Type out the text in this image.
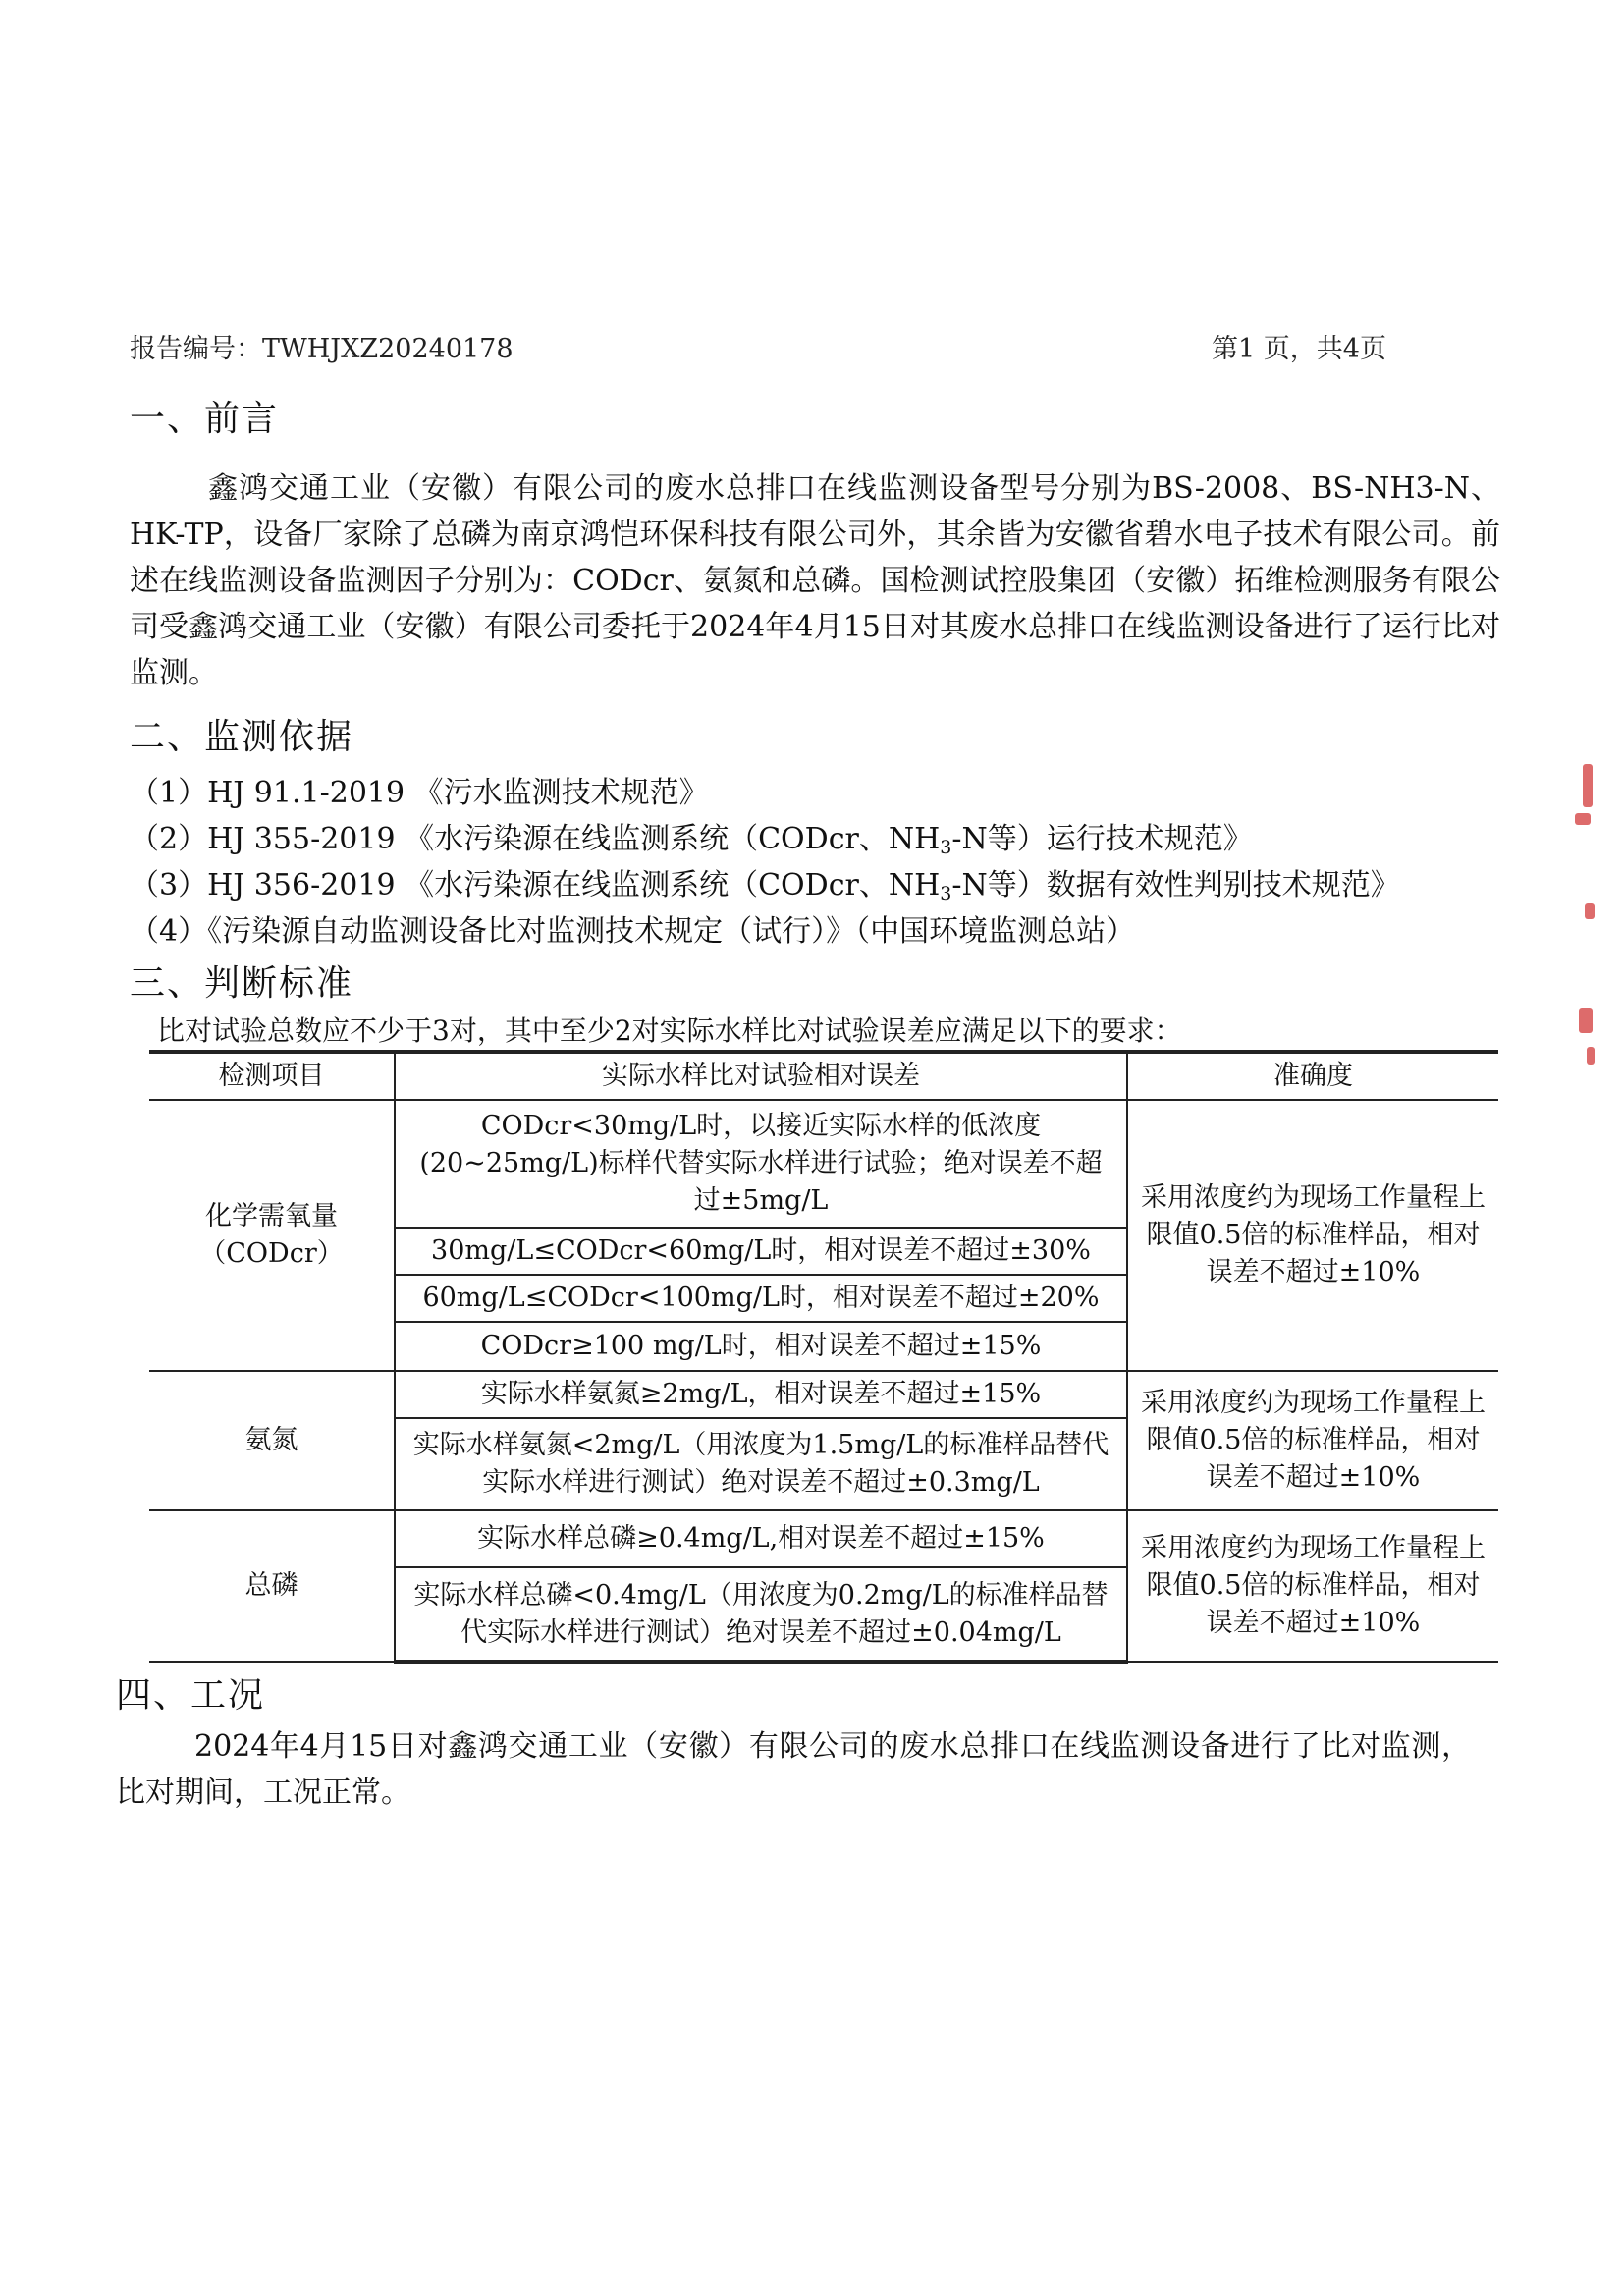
报告编号：TWHJXZ20240178	第1 页，共4页
一、前言

鑫鸿交通工业（安徽）有限公司的废水总排口在线监测设备型号分别为BS-2008、BS-NH3-N、HK-TP，设备厂家除了总磷为南京鸿恺环保科技有限公司外，其余皆为安徽省碧水电子技术有限公司。前述在线监测设备监测因子分别为：CODcr、氨氮和总磷。国检测试控股集团（安徽）拓维检测服务有限公司受鑫鸿交通工业（安徽）有限公司委托于2024年4月15日对其废水总排口在线监测设备进行了运行比对监测。

二、监测依据
（1）HJ 91.1-2019 《污水监测技术规范》
（2）HJ 355-2019 《水污染源在线监测系统（CODcr、$NH_3-N$等）运行技术规范》
（3）HJ 356-2019 《水污染源在线监测系统（CODcr、$NH_3-N$等）数据有效性判别技术规范》
（4）《污染源自动监测设备比对监测技术规定（试行）》（中国环境监测总站）
三、判断标准
比对试验总数应不少于3对，其中至少2对实际水样比对试验误差应满足以下的要求：
检测项目	实际水样比对试验相对误差	准确度
化学需氧量（CODcr）	CODcr<30mg/L时，以接近实际水样的低浓度(20~25mg/L)标样代替实际水样进行试验；绝对误差不超过±5mg/L	采用浓度约为现场工作量程上限值0.5倍的标准样品，相对误差不超过±10%
	30mg/L≤CODcr<60mg/L时，相对误差不超过±30%	
	60mg/L≤CODcr<100mg/L时，相对误差不超过±20%	
	CODcr≥100 mg/L时，相对误差不超过±15%	
氨氮	实际水样氨氮≥2mg/L，相对误差不超过±15%	采用浓度约为现场工作量程上限值0.5倍的标准样品，相对误差不超过±10%
	实际水样氨氮<2mg/L（用浓度为1.5mg/L的标准样品替代实际水样进行测试）绝对误差不超过±0.3mg/L	
总磷	实际水样总磷≥0.4mg/L,相对误差不超过±15%	采用浓度约为现场工作量程上限值0.5倍的标准样品，相对误差不超过±10%
	实际水样总磷<0.4mg/L（用浓度为0.2mg/L的标准样品替代实际水样进行测试）绝对误差不超过±0.04mg/L	
四、工况

2024年4月15日对鑫鸿交通工业（安徽）有限公司的废水总排口在线监测设备进行了比对监测，比对期间，工况正常。
